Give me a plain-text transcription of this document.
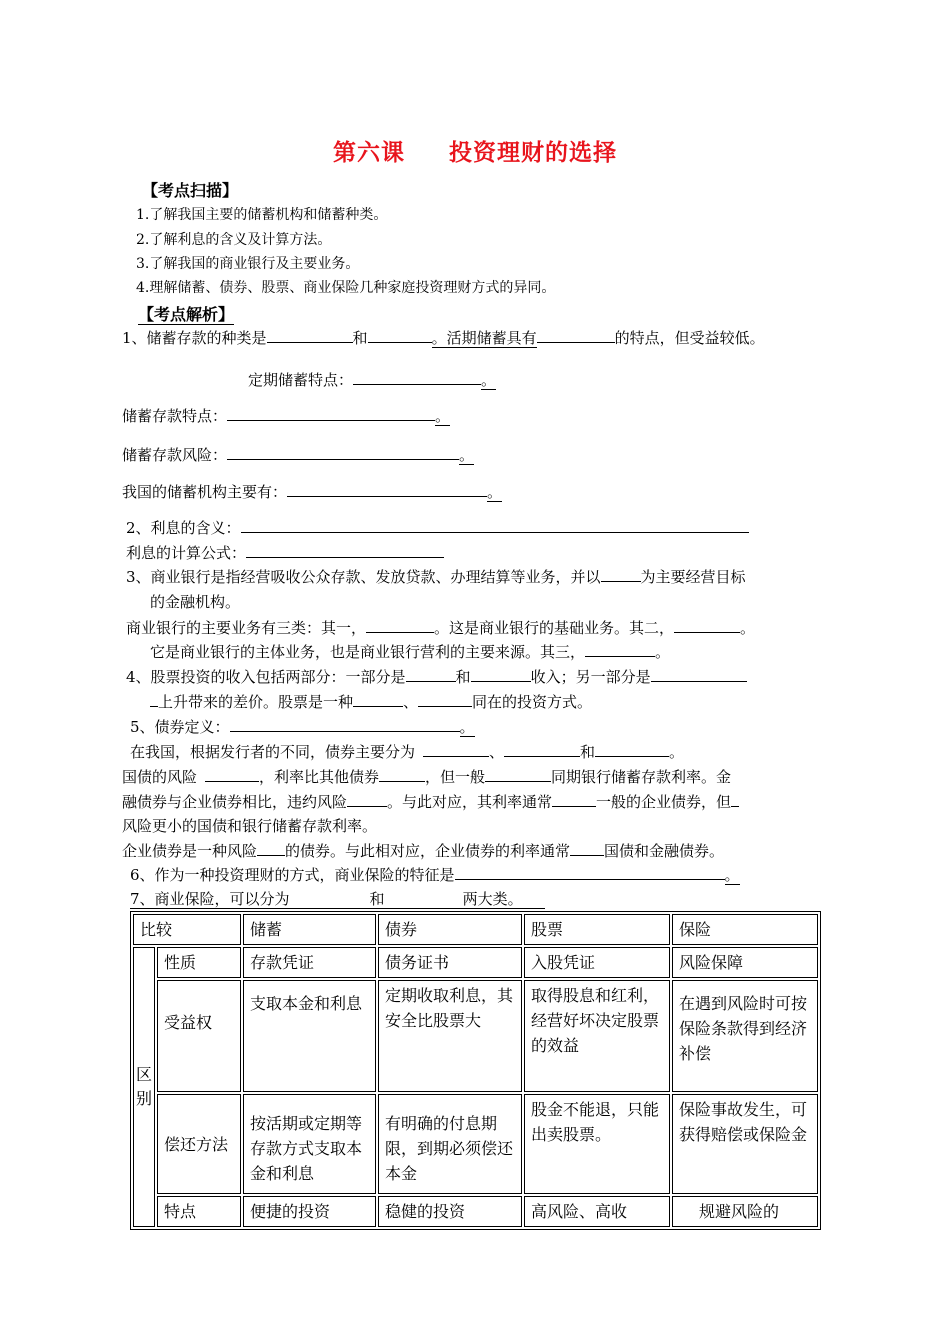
第六课 投资理财的选择
【考点扫描】
1.了解我国主要的储蓄机构和储蓄种类。
2.了解利息的含义及计算方法。
3.了解我国的商业银行及主要业务。
4.理解储蓄、债券、股票、商业保险几种家庭投资理财方式的异同。
【考点解析】
1、储蓄存款的种类是	和	。活期储蓄具有	的特点，但受益较低。
定期储蓄特点：	。
储蓄存款特点：	。
储蓄存款风险：	。
我国的储蓄机构主要有：	。
2、利息的含义：
利息的计算公式：
3、商业银行是指经营吸收公众存款、发放贷款、办理结算等业务，并以	为主要经营目标
的金融机构。
商业银行的主要业务有三类：其一，	。这是商业银行的基础业务。其二，	。
它是商业银行的主体业务，也是商业银行营利的主要来源。其三，	。
4、股票投资的收入包括两部分：一部分是	和	收入；另一部分是
上升带来的差价。股票是一种	、	同在的投资方式。
5、债券定义：	。
在我国，根据发行者的不同，债券主要分为	、	和	。
国债的风险	，利率比其他债券	，但一般	同期银行储蓄存款利率。金
融债券与企业债券相比，违约风险	。与此对应，其利率通常	一般的企业债券，但
风险更小的国债和银行储蓄存款利率。
企业债券是一种风险 的债券。与此相对应，企业债券的利率通常 国债和金融债券。
6、作为一种投资理财的方式，商业保险的特征是	。
7、商业保险，可以分为	和	两大类。
比较		储蓄	债券	股票	保险
区别	性质	存款凭证	债务证书	入股凭证	风险保障
	受益权	支取本金和利息	定期收取利息，其安全比股票大	取得股息和红利，经营好坏决定股票的效益	在遇到风险时可按保险条款得到经济补偿
	偿还方法	按活期或定期等存款方式支取本金和利息	有明确的付息期限，到期必须偿还本金	股金不能退，只能出卖股票。	保险事故发生，可获得赔偿或保险金
	特点	便捷的投资	稳健的投资	高风险、高收	规避风险的
